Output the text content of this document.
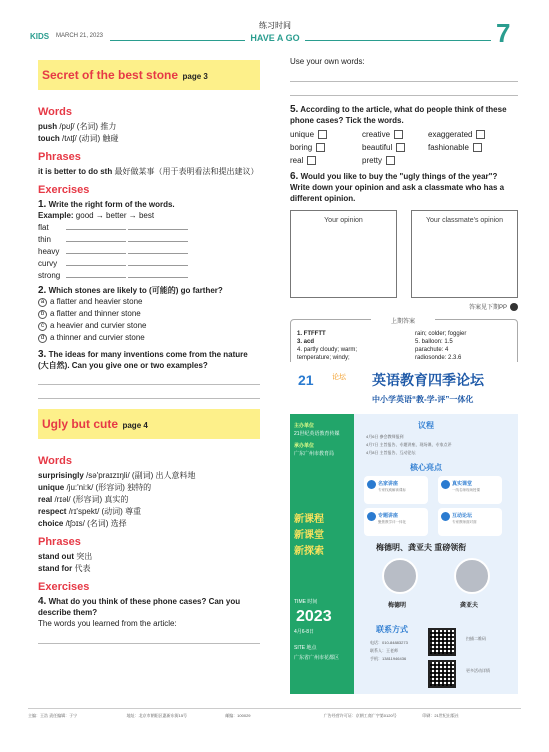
KIDS MARCH 21, 2023
练习时间
HAVE A GO	7
Secret of the best stone page 3
Words
push /pʊʃ/ (名词) 推力
touch /tʌtʃ/ (动词) 触碰
Phrases
it is better to do sth 最好做某事（用于表明看法和提出建议）
Exercises
1. Write the right form of the words.
Example: good → better → best
flat
thin
heavy
curvy
strong
2. Which stones are likely to (可能的) go farther?
a a flatter and heavier stone
b a flatter and thinner stone
c a heavier and curvier stone
d a thinner and curvier stone
3. The ideas for many inventions come from the nature (大自然). Can you give one or two examples?
Ugly but cute page 4
Words
surprisingly /sə'praɪzɪŋli/ (副词) 出人意料地
unique /ju:'ni:k/ (形容词) 独特的
real /rɪəl/ (形容词) 真实的
respect /rɪ'spekt/ (动词) 尊重
choice /tʃɔɪs/ (名词) 选择
Phrases
stand out 突出
stand for 代表
Exercises
4. What do you think of these phone cases? Can you describe them?
The words you learned from the article:
Use your own words:
5. According to the article, what do people think of these phone cases? Tick the words.
unique	creative	exaggerated
boring	beautiful	fashionable
real	pretty
6. Would you like to buy the "ugly things of the year"? Write down your opinion and ask a classmate who has a different opinion.
Your opinion	Your classmate's opinion
答案见下期PP
上期答案
1. FTFFTT	rain; colder; foggier
3. acd	5. balloon: 1.5
4. partly cloudy; warm;	parachute: 4
temperature; windy;	radiosonde: 2.3.6
21	论坛 英语教育四季论坛
中小学英语“教-学-评”一体化
主办单位
21世纪英语教育传媒
承办单位
广东广州市教育局
新课程
新课堂
新探索
TIME 时间
2023
4月6-8日
SITE 地点
广东省广州市花都区
议程
4月6日 参会教师报到
4月7日 主旨报告、专题讲座、现场课、专家点评
4月8日 主旨报告、互动论坛
核心亮点
名家讲座
专家权威解读课标
真实课堂
一线名师现场授课
专题讲座
聚焦教学评一体化
互动论坛
专家教师面对面
梅德明、龚亚夫 重磅领衔
梅德明	龚亚夫
联系方式
电话：010-84883273
联系人：王老师
手机：13811946436
扫描二维码
更多活动详情
主编：王浩 责任编辑：于宁	地址：北京市朝阳区惠新东街15号	邮编：100029	广告经营许可证：京朝工商广字第0120号	印刷：21世纪出版社
